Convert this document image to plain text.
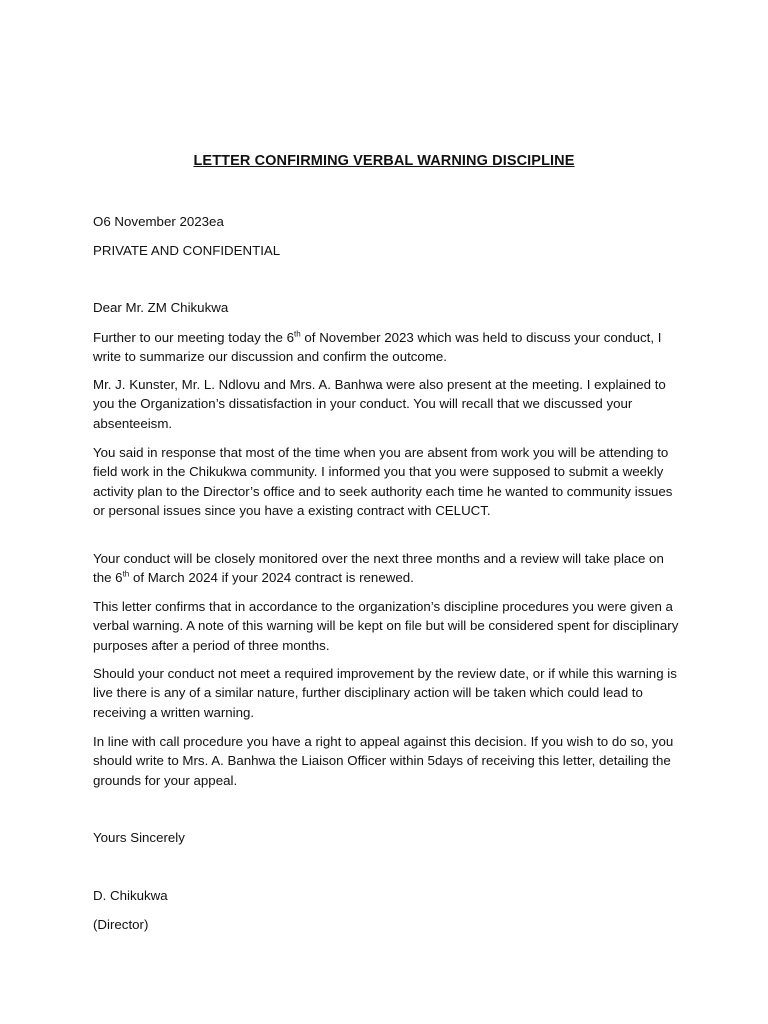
LETTER CONFIRMING VERBAL WARNING DISCIPLINE
O6 November 2023ea
PRIVATE AND CONFIDENTIAL
Dear Mr. ZM Chikukwa

Further to our meeting today the 6th of November 2023 which was held to discuss your conduct, I write to summarize our discussion and confirm the outcome.

Mr. J. Kunster, Mr. L. Ndlovu and Mrs. A. Banhwa were also present at the meeting. I explained to you the Organization’s dissatisfaction in your conduct. You will recall that we discussed your absenteeism.

You said in response that most of the time when you are absent from work you will be attending to field work in the Chikukwa community. I informed you that you were supposed to submit a weekly activity plan to the Director’s office and to seek authority each time he wanted to community issues or personal issues since you have a existing contract with CELUCT.

Your conduct will be closely monitored over the next three months and a review will take place on the 6th of March 2024 if your 2024 contract is renewed.

This letter confirms that in accordance to the organization’s discipline procedures you were given a verbal warning. A note of this warning will be kept on file but will be considered spent for disciplinary purposes after a period of three months.

Should your conduct not meet a required improvement by the review date, or if while this warning is live there is any of a similar nature, further disciplinary action will be taken which could lead to receiving a written warning.

In line with call procedure you have a right to appeal against this decision. If you wish to do so, you should write to Mrs. A. Banhwa the Liaison Officer within 5days of receiving this letter, detailing the grounds for your appeal.

Yours Sincerely
D. Chikukwa
(Director)
